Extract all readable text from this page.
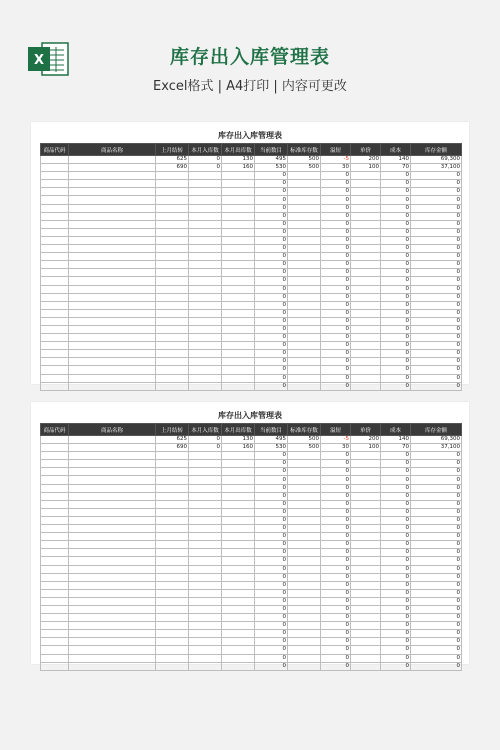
X	库存出入库管理表
Excel格式 | A4打印 | 内容可更改
库存出入库管理表
商品代码	商品名称	上月结转	本月入库数	本月出库数	当前数目	标准库存数	溢短	单价	成本	库存金额
		625	0	130	495	500	-5	200	140	69,300
		690	0	160	530	500	30	100	70	37,100
					0		0		0	0
					0		0		0	0
					0		0		0	0
					0		0		0	0
					0		0		0	0
					0		0		0	0
					0		0		0	0
					0		0		0	0
					0		0		0	0
					0		0		0	0
					0		0		0	0
					0		0		0	0
					0		0		0	0
					0		0		0	0
					0		0		0	0
					0		0		0	0
					0		0		0	0
					0		0		0	0
					0		0		0	0
					0		0		0	0
					0		0		0	0
					0		0		0	0
					0		0		0	0
					0		0		0	0
					0		0		0	0
					0		0		0	0
					0		0		0	0
库存出入库管理表
商品代码	商品名称	上月结转	本月入库数	本月出库数	当前数目	标准库存数	溢短	单价	成本	库存金额
		625	0	130	495	500	-5	200	140	69,300
		690	0	160	530	500	30	100	70	37,100
					0		0		0	0
					0		0		0	0
					0		0		0	0
					0		0		0	0
					0		0		0	0
					0		0		0	0
					0		0		0	0
					0		0		0	0
					0		0		0	0
					0		0		0	0
					0		0		0	0
					0		0		0	0
					0		0		0	0
					0		0		0	0
					0		0		0	0
					0		0		0	0
					0		0		0	0
					0		0		0	0
					0		0		0	0
					0		0		0	0
					0		0		0	0
					0		0		0	0
					0		0		0	0
					0		0		0	0
					0		0		0	0
					0		0		0	0
					0		0		0	0
